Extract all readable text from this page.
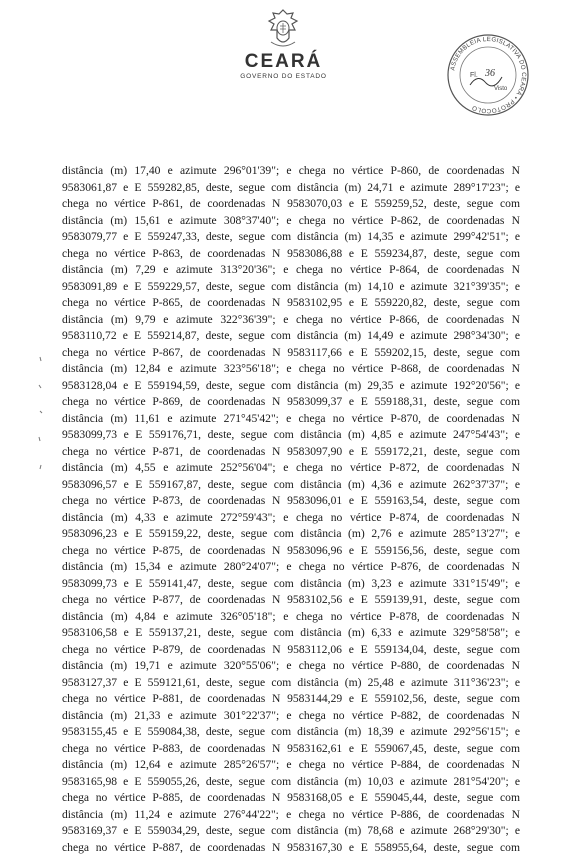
CEARÁ
GOVERNO DO ESTADO
ASSEMBLEIA LEGISLATIVA DO CEARÁ • PROTOCOLO
Fl. 36
Visto
distância (m) 17,40 e azimute 296°01'39"; e chega no vértice P-860, de coordenadas N
9583061,87 e E 559282,85, deste, segue com distância (m) 24,71 e azimute 289°17'23"; e
chega no vértice P-861, de coordenadas N 9583070,03 e E 559259,52, deste, segue com
distância (m) 15,61 e azimute 308°37'40"; e chega no vértice P-862, de coordenadas N
9583079,77 e E 559247,33, deste, segue com distância (m) 14,35 e azimute 299°42'51"; e
chega no vértice P-863, de coordenadas N 9583086,88 e E 559234,87, deste, segue com
distância (m) 7,29 e azimute 313°20'36"; e chega no vértice P-864, de coordenadas N
9583091,89 e E 559229,57, deste, segue com distância (m) 14,10 e azimute 321°39'35"; e
chega no vértice P-865, de coordenadas N 9583102,95 e E 559220,82, deste, segue com
distância (m) 9,79 e azimute 322°36'39"; e chega no vértice P-866, de coordenadas N
9583110,72 e E 559214,87, deste, segue com distância (m) 14,49 e azimute 298°34'30"; e
chega no vértice P-867, de coordenadas N 9583117,66 e E 559202,15, deste, segue com
distância (m) 12,84 e azimute 323°56'18"; e chega no vértice P-868, de coordenadas N
9583128,04 e E 559194,59, deste, segue com distância (m) 29,35 e azimute 192°20'56"; e
chega no vértice P-869, de coordenadas N 9583099,37 e E 559188,31, deste, segue com
distância (m) 11,61 e azimute 271°45'42"; e chega no vértice P-870, de coordenadas N
9583099,73 e E 559176,71, deste, segue com distância (m) 4,85 e azimute 247°54'43"; e
chega no vértice P-871, de coordenadas N 9583097,90 e E 559172,21, deste, segue com
distância (m) 4,55 e azimute 252°56'04"; e chega no vértice P-872, de coordenadas N
9583096,57 e E 559167,87, deste, segue com distância (m) 4,36 e azimute 262°37'37"; e
chega no vértice P-873, de coordenadas N 9583096,01 e E 559163,54, deste, segue com
distância (m) 4,33 e azimute 272°59'43"; e chega no vértice P-874, de coordenadas N
9583096,23 e E 559159,22, deste, segue com distância (m) 2,76 e azimute 285°13'27"; e
chega no vértice P-875, de coordenadas N 9583096,96 e E 559156,56, deste, segue com
distância (m) 15,34 e azimute 280°24'07"; e chega no vértice P-876, de coordenadas N
9583099,73 e E 559141,47, deste, segue com distância (m) 3,23 e azimute 331°15'49"; e
chega no vértice P-877, de coordenadas N 9583102,56 e E 559139,91, deste, segue com
distância (m) 4,84 e azimute 326°05'18"; e chega no vértice P-878, de coordenadas N
9583106,58 e E 559137,21, deste, segue com distância (m) 6,33 e azimute 329°58'58"; e
chega no vértice P-879, de coordenadas N 9583112,06 e E 559134,04, deste, segue com
distância (m) 19,71 e azimute 320°55'06"; e chega no vértice P-880, de coordenadas N
9583127,37 e E 559121,61, deste, segue com distância (m) 25,48 e azimute 311°36'23"; e
chega no vértice P-881, de coordenadas N 9583144,29 e E 559102,56, deste, segue com
distância (m) 21,33 e azimute 301°22'37"; e chega no vértice P-882, de coordenadas N
9583155,45 e E 559084,38, deste, segue com distância (m) 18,39 e azimute 292°56'15"; e
chega no vértice P-883, de coordenadas N 9583162,61 e E 559067,45, deste, segue com
distância (m) 12,64 e azimute 285°26'57"; e chega no vértice P-884, de coordenadas N
9583165,98 e E 559055,26, deste, segue com distância (m) 10,03 e azimute 281°54'20"; e
chega no vértice P-885, de coordenadas N 9583168,05 e E 559045,44, deste, segue com
distância (m) 11,24 e azimute 276°44'22"; e chega no vértice P-886, de coordenadas N
9583169,37 e E 559034,29, deste, segue com distância (m) 78,68 e azimute 268°29'30"; e
chega no vértice P-887, de coordenadas N 9583167,30 e E 558955,64, deste, segue com
